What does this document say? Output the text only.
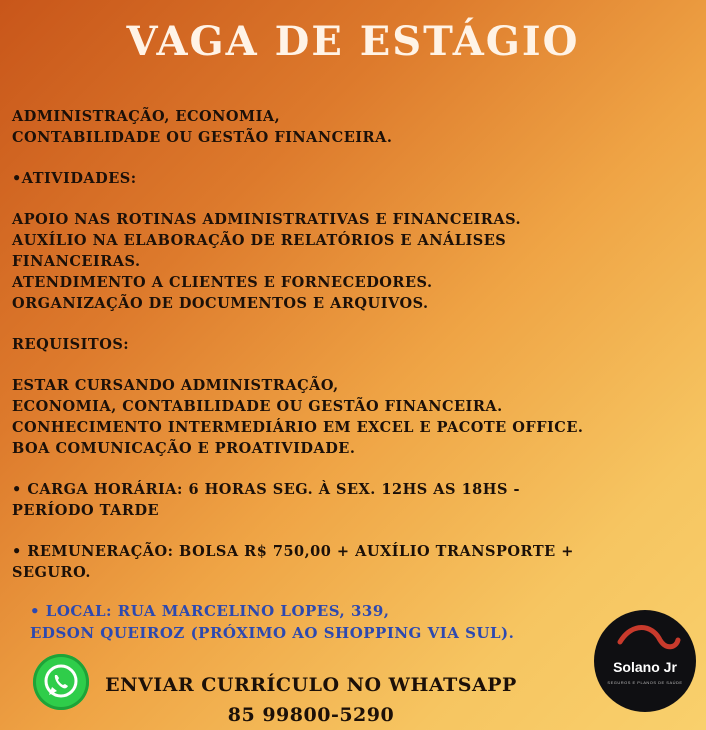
VAGA DE ESTÁGIO

ADMINISTRAÇÃO, ECONOMIA,

CONTABILIDADE OU GESTÃO FINANCEIRA.

•ATIVIDADES:

APOIO NAS ROTINAS ADMINISTRATIVAS E FINANCEIRAS.

AUXÍLIO NA ELABORAÇÃO DE RELATÓRIOS E ANÁLISES

FINANCEIRAS.

ATENDIMENTO A CLIENTES E FORNECEDORES.

ORGANIZAÇÃO DE DOCUMENTOS E ARQUIVOS.

REQUISITOS:

ESTAR CURSANDO ADMINISTRAÇÃO,

ECONOMIA, CONTABILIDADE OU GESTÃO FINANCEIRA.

CONHECIMENTO INTERMEDIÁRIO EM EXCEL E PACOTE OFFICE.

BOA COMUNICAÇÃO E PROATIVIDADE.

• CARGA HORÁRIA: 6 HORAS SEG. À SEX. 12HS AS 18HS -

PERÍODO TARDE

• REMUNERAÇÃO: BOLSA R$ 750,00 + AUXÍLIO TRANSPORTE +

SEGURO.

• LOCAL: RUA MARCELINO LOPES, 339,

EDSON QUEIROZ (PRÓXIMO AO SHOPPING VIA SUL).

ENVIAR CURRÍCULO NO WHATSAPP

85 99800-5290

Solano Jr
SEGUROS E PLANOS DE SAÚDE
